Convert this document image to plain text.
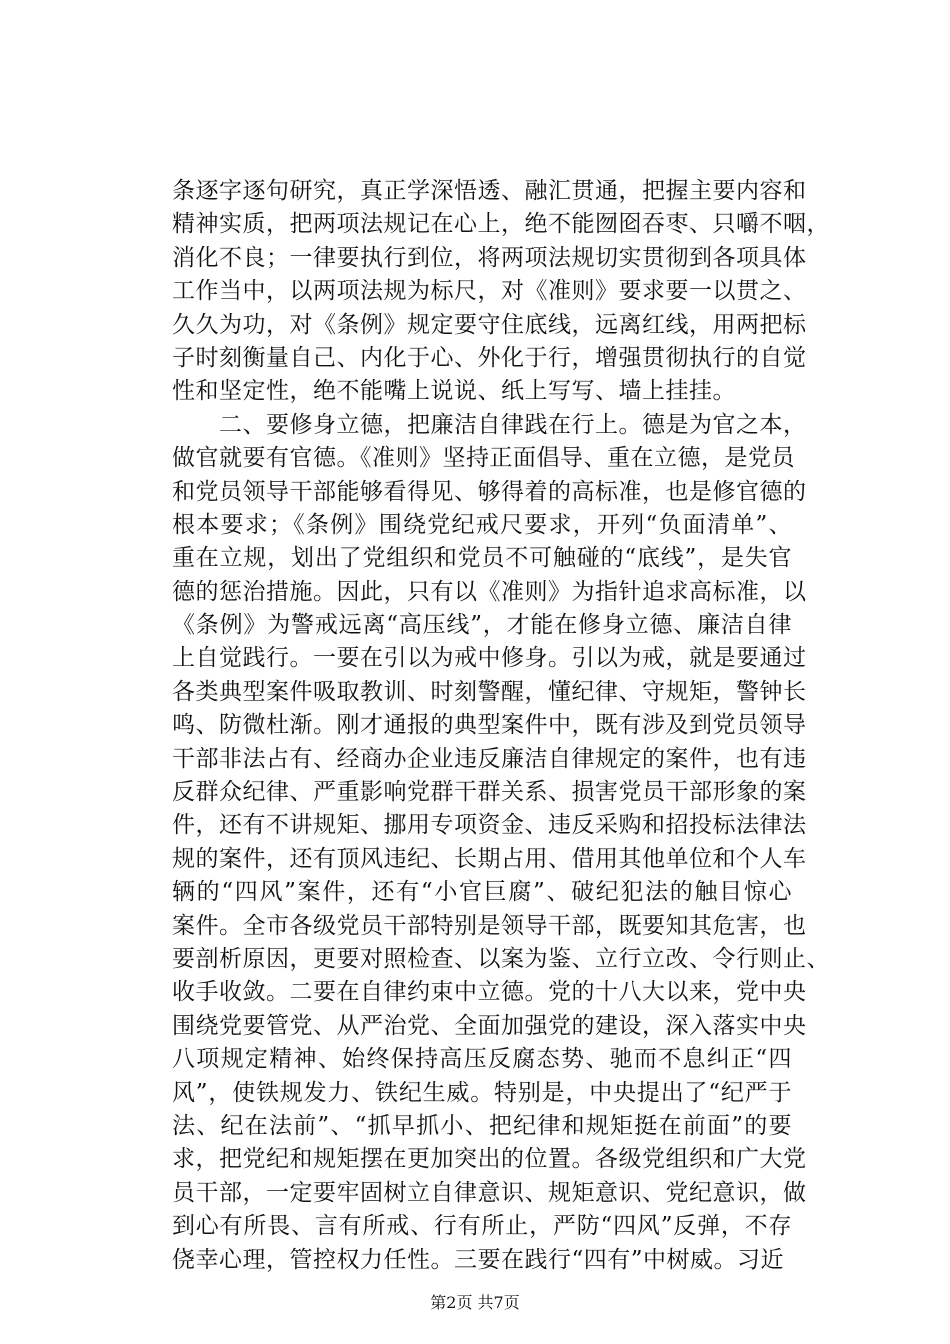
条逐字逐句研究，真正学深悟透、融汇贯通，把握主要内容和
精神实质，把两项法规记在心上，绝不能囫囵吞枣、只嚼不咽，
消化不良；一律要执行到位，将两项法规切实贯彻到各项具体
工作当中，以两项法规为标尺，对《准则》要求要一以贯之、
久久为功，对《条例》规定要守住底线，远离红线，用两把标
子时刻衡量自己、内化于心、外化于行，增强贯彻执行的自觉
性和坚定性，绝不能嘴上说说、纸上写写、墙上挂挂。
　　二、要修身立德，把廉洁自律践在行上。德是为官之本，
做官就要有官德。《准则》坚持正面倡导、重在立德，是党员
和党员领导干部能够看得见、够得着的高标准，也是修官德的
根本要求；《条例》围绕党纪戒尺要求，开列“负面清单”、
重在立规，划出了党组织和党员不可触碰的“底线”，是失官
德的惩治措施。因此，只有以《准则》为指针追求高标准，以
《条例》为警戒远离“高压线”，才能在修身立德、廉洁自律
上自觉践行。一要在引以为戒中修身。引以为戒，就是要通过
各类典型案件吸取教训、时刻警醒，懂纪律、守规矩，警钟长
鸣、防微杜渐。刚才通报的典型案件中，既有涉及到党员领导
干部非法占有、经商办企业违反廉洁自律规定的案件，也有违
反群众纪律、严重影响党群干群关系、损害党员干部形象的案
件，还有不讲规矩、挪用专项资金、违反采购和招投标法律法
规的案件，还有顶风违纪、长期占用、借用其他单位和个人车
辆的“四风”案件，还有“小官巨腐”、破纪犯法的触目惊心
案件。全市各级党员干部特别是领导干部，既要知其危害，也
要剖析原因，更要对照检查、以案为鉴、立行立改、令行则止、
收手收敛。二要在自律约束中立德。党的十八大以来，党中央
围绕党要管党、从严治党、全面加强党的建设，深入落实中央
八项规定精神、始终保持高压反腐态势、驰而不息纠正“四
风”，使铁规发力、铁纪生威。特别是，中央提出了“纪严于
法、纪在法前”、“抓早抓小、把纪律和规矩挺在前面”的要
求，把党纪和规矩摆在更加突出的位置。各级党组织和广大党
员干部，一定要牢固树立自律意识、规矩意识、党纪意识，做
到心有所畏、言有所戒、行有所止，严防“四风”反弹，不存
侥幸心理，管控权力任性。三要在践行“四有”中树威。习近
第2页 共7页
